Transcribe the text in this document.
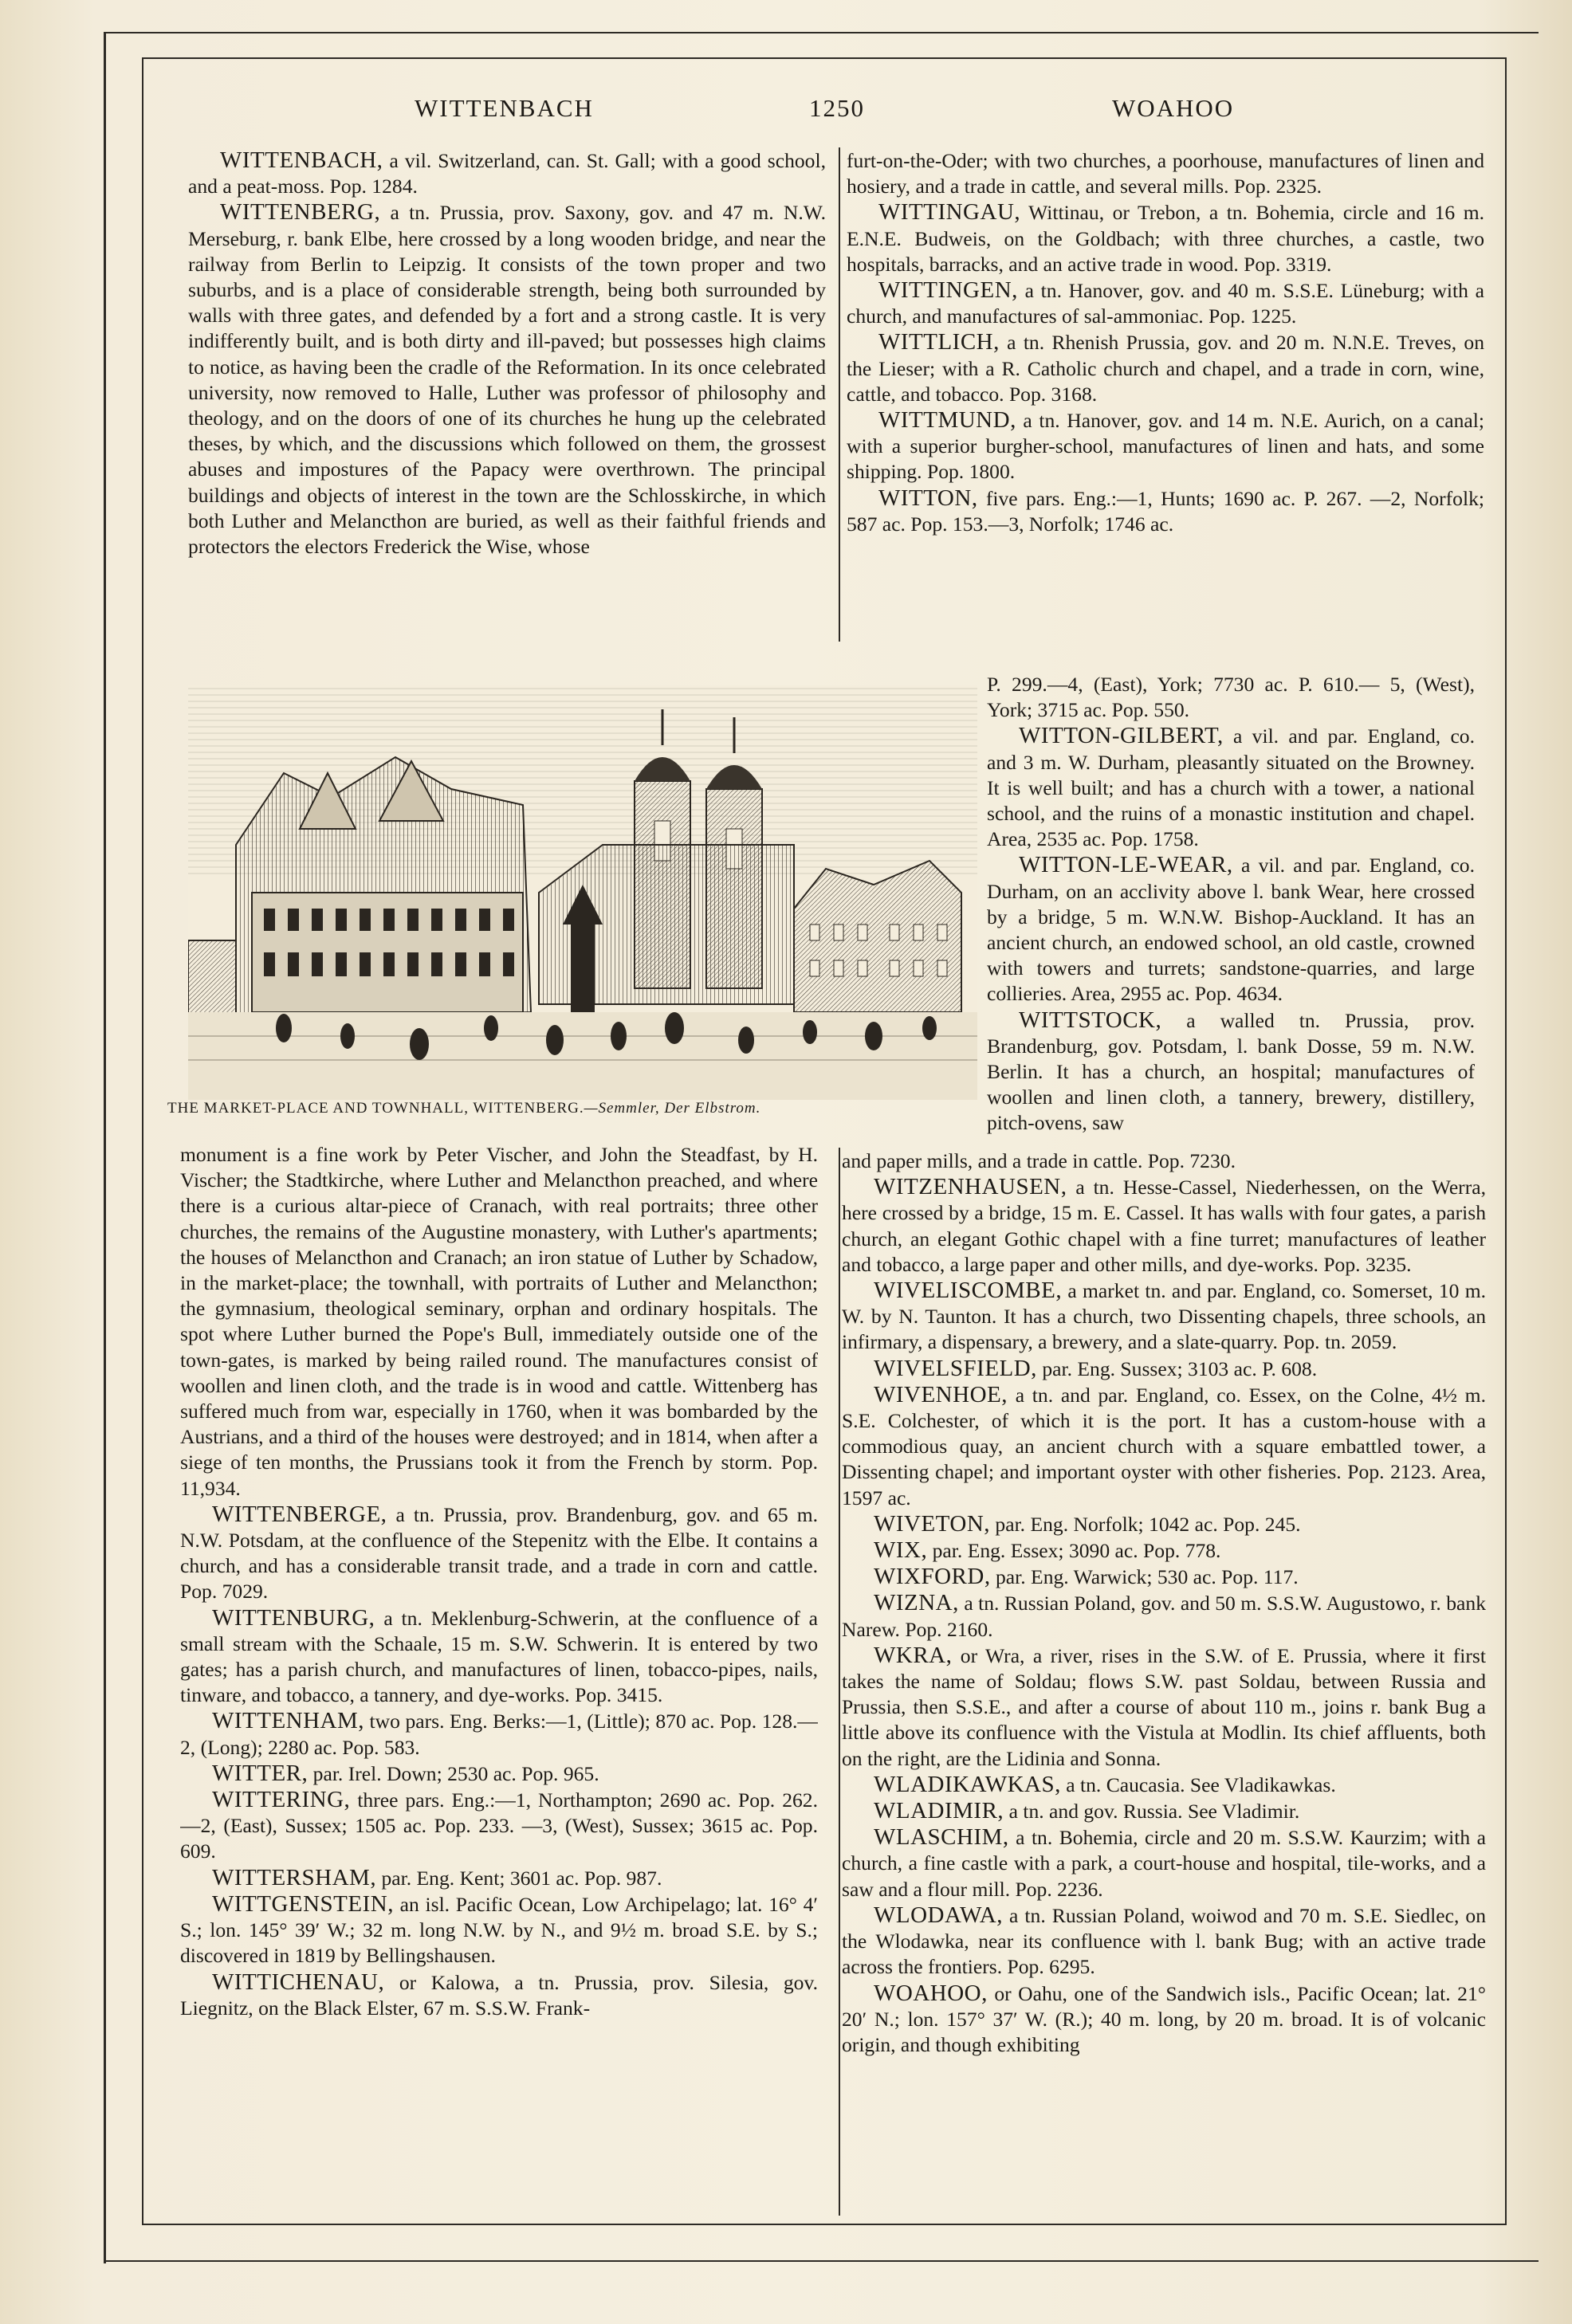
WITTENBACH	1250	WOAHOO

WITTENBACH, a vil. Switzerland, can. St. Gall; with a good school, and a peat-moss. Pop. 1284.

WITTENBERG, a tn. Prussia, prov. Saxony, gov. and 47 m. N.W. Merseburg, r. bank Elbe, here crossed by a long wooden bridge, and near the railway from Berlin to Leipzig. It consists of the town proper and two suburbs, and is a place of considerable strength, being both surrounded by walls with three gates, and defended by a fort and a strong castle. It is very indifferently built, and is both dirty and ill-paved; but possesses high claims to notice, as having been the cradle of the Reformation. In its once celebrated university, now removed to Halle, Luther was professor of philosophy and theology, and on the doors of one of its churches he hung up the celebrated theses, by which, and the discussions which followed on them, the grossest abuses and impostures of the Papacy were overthrown. The principal buildings and objects of interest in the town are the Schlosskirche, in which both Luther and Melancthon are buried, as well as their faithful friends and protectors the electors Frederick the Wise, whose

THE MARKET-PLACE AND TOWNHALL, WITTENBERG.—Semmler, Der Elbstrom.

monument is a fine work by Peter Vischer, and John the Steadfast, by H. Vischer; the Stadtkirche, where Luther and Melancthon preached, and where there is a curious altar-piece of Cranach, with real portraits; three other churches, the remains of the Augustine monastery, with Luther's apartments; the houses of Melancthon and Cranach; an iron statue of Luther by Schadow, in the market-place; the townhall, with portraits of Luther and Melancthon; the gymnasium, theological seminary, orphan and ordinary hospitals. The spot where Luther burned the Pope's Bull, immediately outside one of the town-gates, is marked by being railed round. The manufactures consist of woollen and linen cloth, and the trade is in wood and cattle. Wittenberg has suffered much from war, especially in 1760, when it was bombarded by the Austrians, and a third of the houses were destroyed; and in 1814, when after a siege of ten months, the Prussians took it from the French by storm. Pop. 11,934.

WITTENBERGE, a tn. Prussia, prov. Brandenburg, gov. and 65 m. N.W. Potsdam, at the confluence of the Stepenitz with the Elbe. It contains a church, and has a considerable transit trade, and a trade in corn and cattle. Pop. 7029.

WITTENBURG, a tn. Meklenburg-Schwerin, at the confluence of a small stream with the Schaale, 15 m. S.W. Schwerin. It is entered by two gates; has a parish church, and manufactures of linen, tobacco-pipes, nails, tinware, and tobacco, a tannery, and dye-works. Pop. 3415.

WITTENHAM, two pars. Eng. Berks:—1, (Little); 870 ac. Pop. 128.—2, (Long); 2280 ac. Pop. 583.

WITTER, par. Irel. Down; 2530 ac. Pop. 965.

WITTERING, three pars. Eng.:—1, Northampton; 2690 ac. Pop. 262.—2, (East), Sussex; 1505 ac. Pop. 233. —3, (West), Sussex; 3615 ac. Pop. 609.

WITTERSHAM, par. Eng. Kent; 3601 ac. Pop. 987.

WITTGENSTEIN, an isl. Pacific Ocean, Low Archipelago; lat. 16° 4′ S.; lon. 145° 39′ W.; 32 m. long N.W. by N., and 9½ m. broad S.E. by S.; discovered in 1819 by Bellingshausen.

WITTICHENAU, or Kalowa, a tn. Prussia, prov. Silesia, gov. Liegnitz, on the Black Elster, 67 m. S.S.W. Frank-

furt-on-the-Oder; with two churches, a poorhouse, manufactures of linen and hosiery, and a trade in cattle, and several mills. Pop. 2325.

WITTINGAU, Wittinau, or Trebon, a tn. Bohemia, circle and 16 m. E.N.E. Budweis, on the Goldbach; with three churches, a castle, two hospitals, barracks, and an active trade in wood. Pop. 3319.

WITTINGEN, a tn. Hanover, gov. and 40 m. S.S.E. Lüneburg; with a church, and manufactures of sal-ammoniac. Pop. 1225.

WITTLICH, a tn. Rhenish Prussia, gov. and 20 m. N.N.E. Treves, on the Lieser; with a R. Catholic church and chapel, and a trade in corn, wine, cattle, and tobacco. Pop. 3168.

WITTMUND, a tn. Hanover, gov. and 14 m. N.E. Aurich, on a canal; with a superior burgher-school, manufactures of linen and hats, and some shipping. Pop. 1800.

WITTON, five pars. Eng.:—1, Hunts; 1690 ac. P. 267. —2, Norfolk; 587 ac. Pop. 153.—3, Norfolk; 1746 ac.

P. 299.—4, (East), York; 7730 ac. P. 610.— 5, (West), York; 3715 ac. Pop. 550.

WITTON-GILBERT, a vil. and par. England, co. and 3 m. W. Durham, pleasantly situated on the Browney. It is well built; and has a church with a tower, a national school, and the ruins of a monastic institution and chapel. Area, 2535 ac. Pop. 1758.

WITTON-LE-WEAR, a vil. and par. England, co. Durham, on an acclivity above l. bank Wear, here crossed by a bridge, 5 m. W.N.W. Bishop-Auckland. It has an ancient church, an endowed school, an old castle, crowned with towers and turrets; sandstone-quarries, and large collieries. Area, 2955 ac. Pop. 4634.

WITTSTOCK, a walled tn. Prussia, prov. Brandenburg, gov. Potsdam, l. bank Dosse, 59 m. N.W. Berlin. It has a church, an hospital; manufactures of woollen and linen cloth, a tannery, brewery, distillery, pitch-ovens, saw

and paper mills, and a trade in cattle. Pop. 7230.

WITZENHAUSEN, a tn. Hesse-Cassel, Niederhessen, on the Werra, here crossed by a bridge, 15 m. E. Cassel. It has walls with four gates, a parish church, an elegant Gothic chapel with a fine turret; manufactures of leather and tobacco, a large paper and other mills, and dye-works. Pop. 3235.

WIVELISCOMBE, a market tn. and par. England, co. Somerset, 10 m. W. by N. Taunton. It has a church, two Dissenting chapels, three schools, an infirmary, a dispensary, a brewery, and a slate-quarry. Pop. tn. 2059.

WIVELSFIELD, par. Eng. Sussex; 3103 ac. P. 608.

WIVENHOE, a tn. and par. England, co. Essex, on the Colne, 4½ m. S.E. Colchester, of which it is the port. It has a custom-house with a commodious quay, an ancient church with a square embattled tower, a Dissenting chapel; and important oyster with other fisheries. Pop. 2123. Area, 1597 ac.

WIVETON, par. Eng. Norfolk; 1042 ac. Pop. 245.

WIX, par. Eng. Essex; 3090 ac. Pop. 778.

WIXFORD, par. Eng. Warwick; 530 ac. Pop. 117.

WIZNA, a tn. Russian Poland, gov. and 50 m. S.S.W. Augustowo, r. bank Narew. Pop. 2160.

WKRA, or Wra, a river, rises in the S.W. of E. Prussia, where it first takes the name of Soldau; flows S.W. past Soldau, between Russia and Prussia, then S.S.E., and after a course of about 110 m., joins r. bank Bug a little above its confluence with the Vistula at Modlin. Its chief affluents, both on the right, are the Lidinia and Sonna.

WLADIKAWKAS, a tn. Caucasia. See Vladikawkas.

WLADIMIR, a tn. and gov. Russia. See Vladimir.

WLASCHIM, a tn. Bohemia, circle and 20 m. S.S.W. Kaurzim; with a church, a fine castle with a park, a court-house and hospital, tile-works, and a saw and a flour mill. Pop. 2236.

WLODAWA, a tn. Russian Poland, woiwod and 70 m. S.E. Siedlec, on the Wlodawka, near its confluence with l. bank Bug; with an active trade across the frontiers. Pop. 6295.

WOAHOO, or Oahu, one of the Sandwich isls., Pacific Ocean; lat. 21° 20′ N.; lon. 157° 37′ W. (R.); 40 m. long, by 20 m. broad. It is of volcanic origin, and though exhibiting
